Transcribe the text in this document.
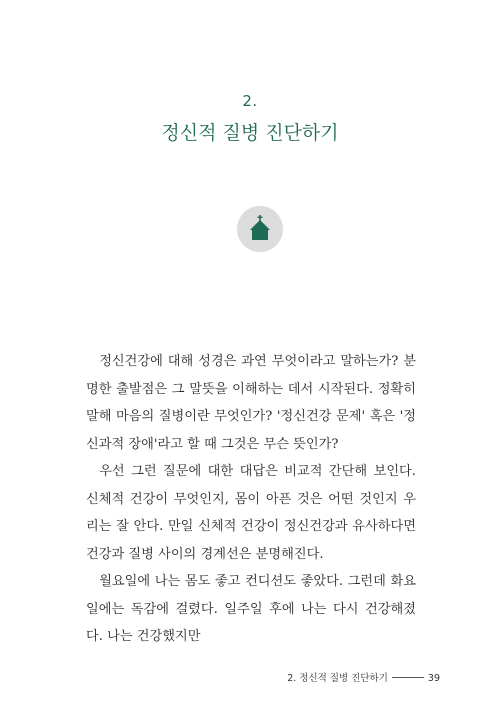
2.
정신적 질병 진단하기

정신건강에 대해 성경은 과연 무엇이라고 말하는가? 분명한 출발점은 그 말뜻을 이해하는 데서 시작된다. 정확히 말해 마음의 질병이란 무엇인가? '정신건강 문제' 혹은 '정신과적 장애'라고 할 때 그것은 무슨 뜻인가?

우선 그런 질문에 대한 대답은 비교적 간단해 보인다. 신체적 건강이 무엇인지, 몸이 아픈 것은 어떤 것인지 우리는 잘 안다. 만일 신체적 건강이 정신건강과 유사하다면 건강과 질병 사이의 경계선은 분명해진다.

월요일에 나는 몸도 좋고 컨디션도 좋았다. 그런데 화요일에는 독감에 걸렸다. 일주일 후에 나는 다시 건강해졌다. 나는 건강했지만

2. 정신적 질병 진단하기	39
